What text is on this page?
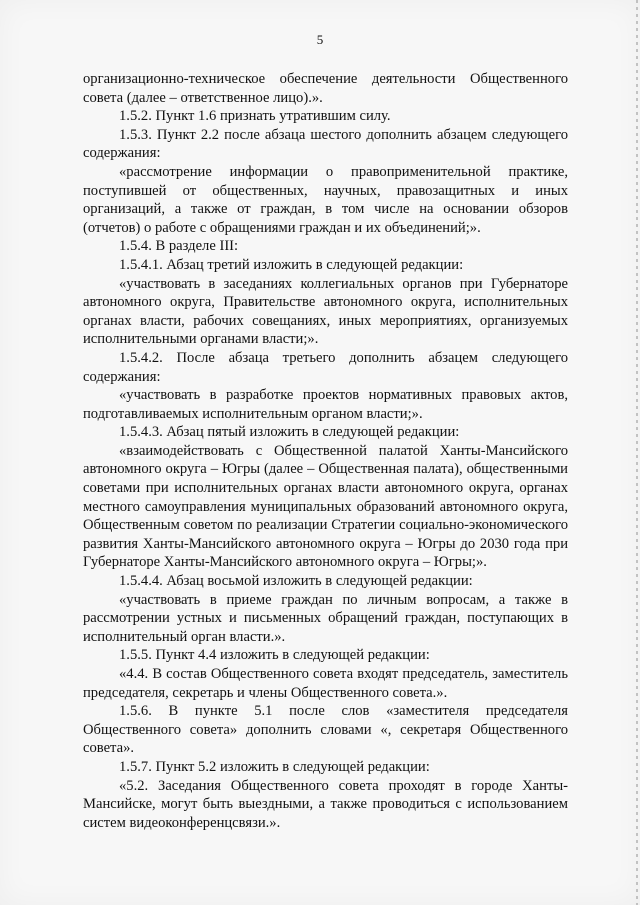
5

организационно-техническое обеспечение деятельности Общественного совета (далее – ответственное лицо).».

1.5.2. Пункт 1.6 признать утратившим силу.

1.5.3. Пункт 2.2 после абзаца шестого дополнить абзацем следующего содержания:

«рассмотрение информации о правоприменительной практике, поступившей от общественных, научных, правозащитных и иных организаций, а также от граждан, в том числе на основании обзоров (отчетов) о работе с обращениями граждан и их объединений;».

1.5.4. В разделе III:

1.5.4.1. Абзац третий изложить в следующей редакции:

«участвовать в заседаниях коллегиальных органов при Губернаторе автономного округа, Правительстве автономного округа, исполнительных органах власти, рабочих совещаниях, иных мероприятиях, организуемых исполнительными органами власти;».

1.5.4.2. После абзаца третьего дополнить абзацем следующего содержания:

«участвовать в разработке проектов нормативных правовых актов, подготавливаемых исполнительным органом власти;».

1.5.4.3. Абзац пятый изложить в следующей редакции:

«взаимодействовать с Общественной палатой Ханты-Мансийского автономного округа – Югры (далее – Общественная палата), общественными советами при исполнительных органах власти автономного округа, органах местного самоуправления муниципальных образований автономного округа, Общественным советом по реализации Стратегии социально-экономического развития Ханты-Мансийского автономного округа – Югры до 2030 года при Губернаторе Ханты-Мансийского автономного округа – Югры;».

1.5.4.4. Абзац восьмой изложить в следующей редакции:

«участвовать в приеме граждан по личным вопросам, а также в рассмотрении устных и письменных обращений граждан, поступающих в исполнительный орган власти.».

1.5.5. Пункт 4.4 изложить в следующей редакции:

«4.4. В состав Общественного совета входят председатель, заместитель председателя, секретарь и члены Общественного совета.».

1.5.6. В пункте 5.1 после слов «заместителя председателя Общественного совета» дополнить словами «, секретаря Общественного совета».

1.5.7. Пункт 5.2 изложить в следующей редакции:

«5.2. Заседания Общественного совета проходят в городе Ханты-Мансийске, могут быть выездными, а также проводиться с использованием систем видеоконференцсвязи.».
